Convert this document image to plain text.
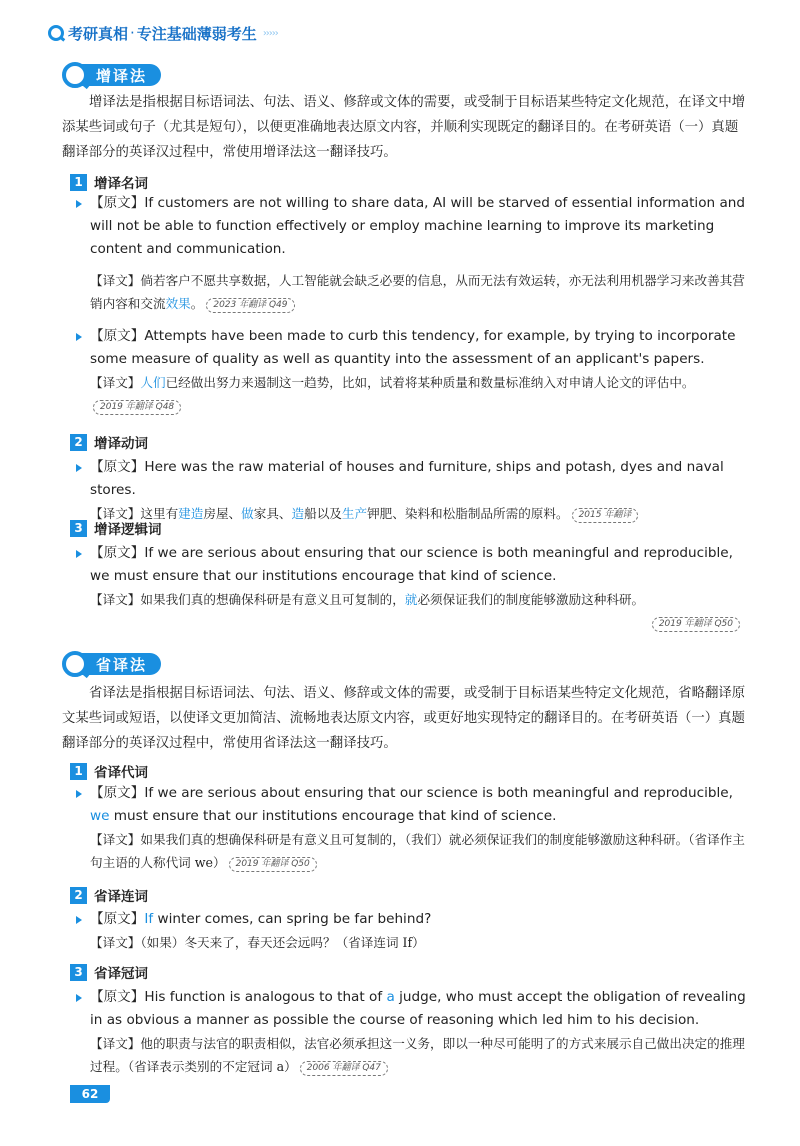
考研真相 · 专注基础薄弱考生 ›››››
增译法
增译法是指根据目标语词法、句法、语义、修辞或文体的需要，或受制于目标语某些特定文化规范，在译文中增添某些词或句子（尤其是短句），以便更准确地表达原文内容，并顺利实现既定的翻译目的。在考研英语（一）真题翻译部分的英译汉过程中，常使用增译法这一翻译技巧。
1 增译名词
【原文】If customers are not willing to share data, AI will be starved of essential information and will not be able to function effectively or employ machine learning to improve its marketing content and communication.
【译文】倘若客户不愿共享数据，人工智能就会缺乏必要的信息，从而无法有效运转，亦无法利用机器学习来改善其营销内容和交流效果。 2023 年翻译 Q49
【原文】Attempts have been made to curb this tendency, for example, by trying to incorporate some measure of quality as well as quantity into the assessment of an applicant's papers.
【译文】人们已经做出努力来遏制这一趋势，比如，试着将某种质量和数量标准纳入对申请人论文的评估中。2019 年翻译 Q48
2 增译动词
【原文】Here was the raw material of houses and furniture, ships and potash, dyes and naval stores.
【译文】这里有建造房屋、做家具、造船以及生产钾肥、染料和松脂制品所需的原料。 2015 年翻译
3 增译逻辑词
【原文】If we are serious about ensuring that our science is both meaningful and reproducible, we must ensure that our institutions encourage that kind of science.
【译文】如果我们真的想确保科研是有意义且可复制的，就必须保证我们的制度能够激励这种科研。
2019 年翻译 Q50
省译法
省译法是指根据目标语词法、句法、语义、修辞或文体的需要，或受制于目标语某些特定文化规范，省略翻译原文某些词或短语，以使译文更加简洁、流畅地表达原文内容，或更好地实现特定的翻译目的。在考研英语（一）真题翻译部分的英译汉过程中，常使用省译法这一翻译技巧。
1 省译代词
【原文】If we are serious about ensuring that our science is both meaningful and reproducible, we must ensure that our institutions encourage that kind of science.
【译文】如果我们真的想确保科研是有意义且可复制的，（我们）就必须保证我们的制度能够激励这种科研。（省译作主句主语的人称代词 we） 2019 年翻译 Q50
2 省译连词
【原文】If winter comes, can spring be far behind?
【译文】（如果）冬天来了，春天还会远吗？（省译连词 If）
3 省译冠词
【原文】His function is analogous to that of a judge, who must accept the obligation of revealing in as obvious a manner as possible the course of reasoning which led him to his decision.
【译文】他的职责与法官的职责相似，法官必须承担这一义务，即以一种尽可能明了的方式来展示自己做出决定的推理过程。（省译表示类别的不定冠词 a） 2006 年翻译 Q47
62
